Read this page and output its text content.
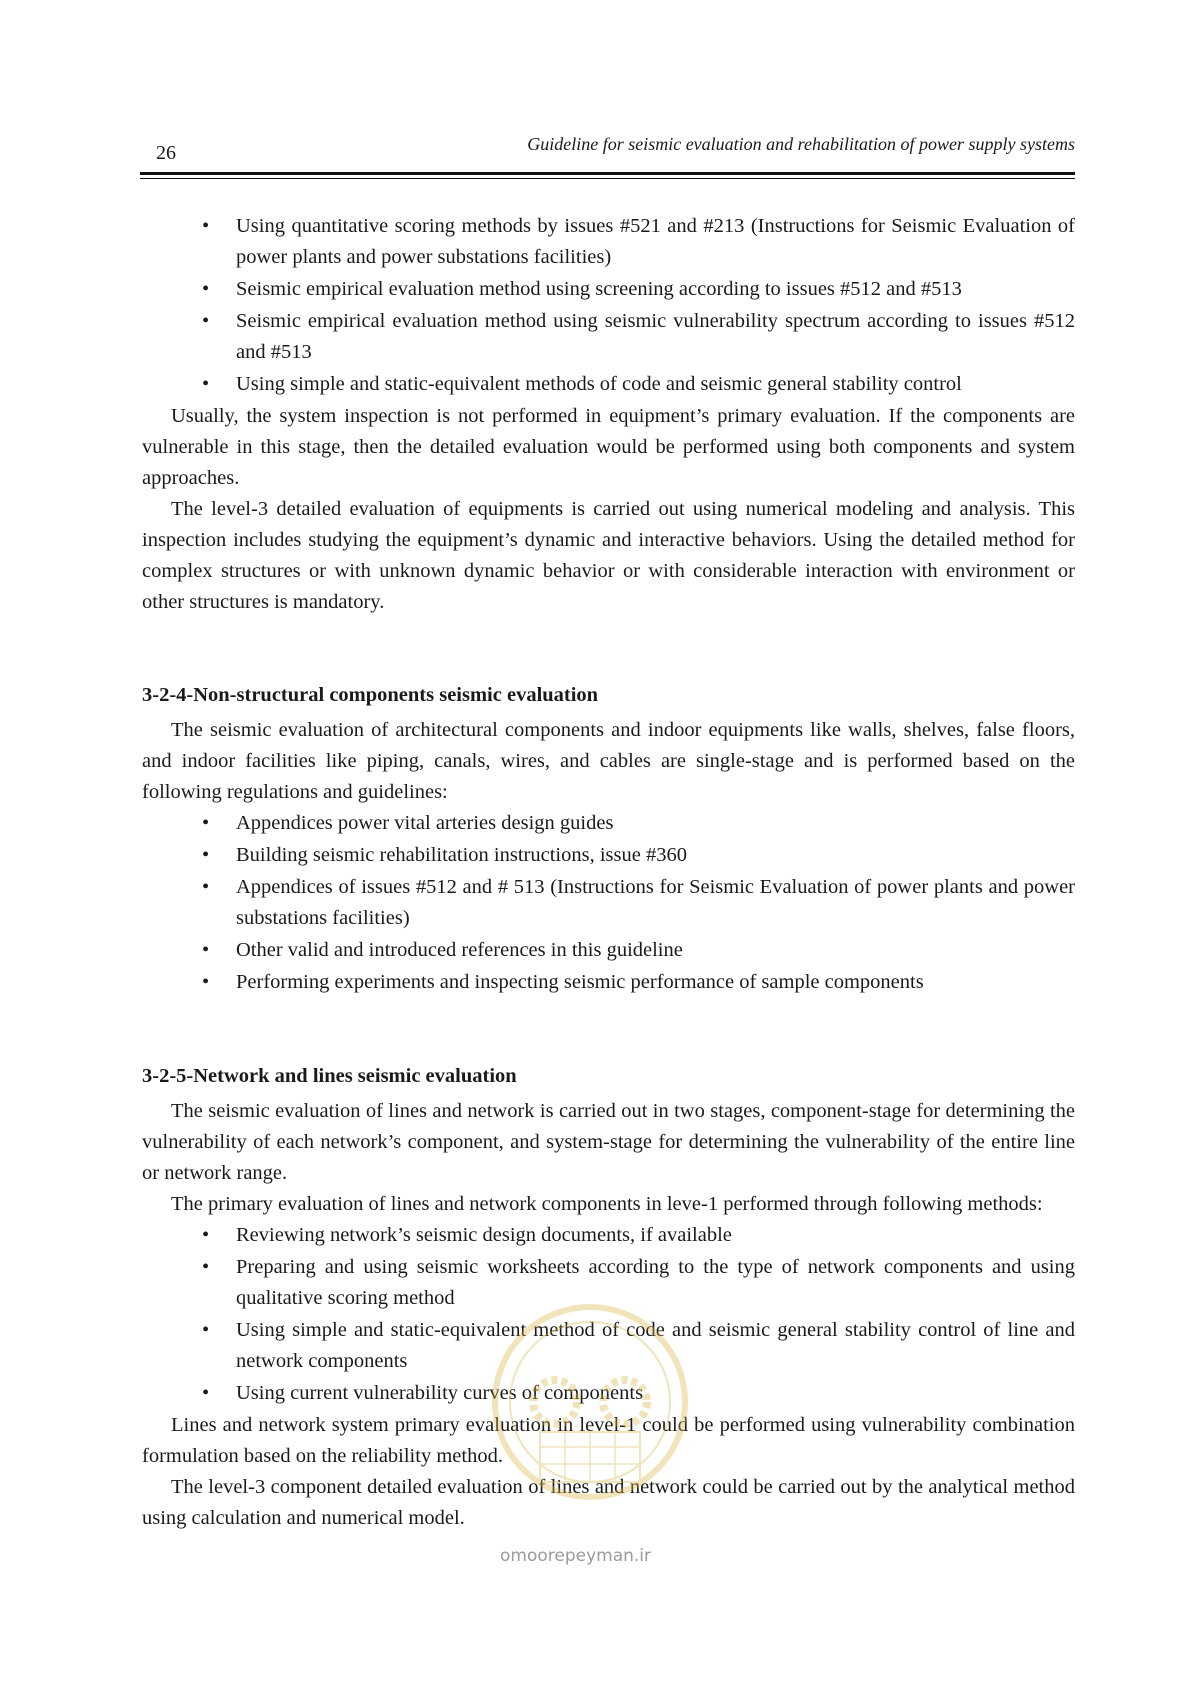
26	Guideline for seismic evaluation and rehabilitation of power supply systems
• Using quantitative scoring methods by issues #521 and #213 (Instructions for Seismic Evaluation of power plants and power substations facilities)
• Seismic empirical evaluation method using screening according to issues #512 and #513
• Seismic empirical evaluation method using seismic vulnerability spectrum according to issues #512 and #513
• Using simple and static-equivalent methods of code and seismic general stability control

Usually, the system inspection is not performed in equipment’s primary evaluation. If the components are vulnerable in this stage, then the detailed evaluation would be performed using both components and system approaches.

The level-3 detailed evaluation of equipments is carried out using numerical modeling and analysis. This inspection includes studying the equipment’s dynamic and interactive behaviors. Using the detailed method for complex structures or with unknown dynamic behavior or with considerable interaction with environment or other structures is mandatory.

3-2-4-Non-structural components seismic evaluation

The seismic evaluation of architectural components and indoor equipments like walls, shelves, false floors, and indoor facilities like piping, canals, wires, and cables are single-stage and is performed based on the following regulations and guidelines:

• Appendices power vital arteries design guides
• Building seismic rehabilitation instructions, issue #360
• Appendices of issues #512 and # 513 (Instructions for Seismic Evaluation of power plants and power substations facilities)
• Other valid and introduced references in this guideline
• Performing experiments and inspecting seismic performance of sample components

3-2-5-Network and lines seismic evaluation

The seismic evaluation of lines and network is carried out in two stages, component-stage for determining the vulnerability of each network’s component, and system-stage for determining the vulnerability of the entire line or network range.

The primary evaluation of lines and network components in leve-1 performed through following methods:

• Reviewing network’s seismic design documents, if available
• Preparing and using seismic worksheets according to the type of network components and using qualitative scoring method
• Using simple and static-equivalent method of code and seismic general stability control of line and network components
• Using current vulnerability curves of components

Lines and network system primary evaluation in level-1 could be performed using vulnerability combination formulation based on the reliability method.

The level-3 component detailed evaluation of lines and network could be carried out by the analytical method using calculation and numerical model.

omoorepeyman.ir
